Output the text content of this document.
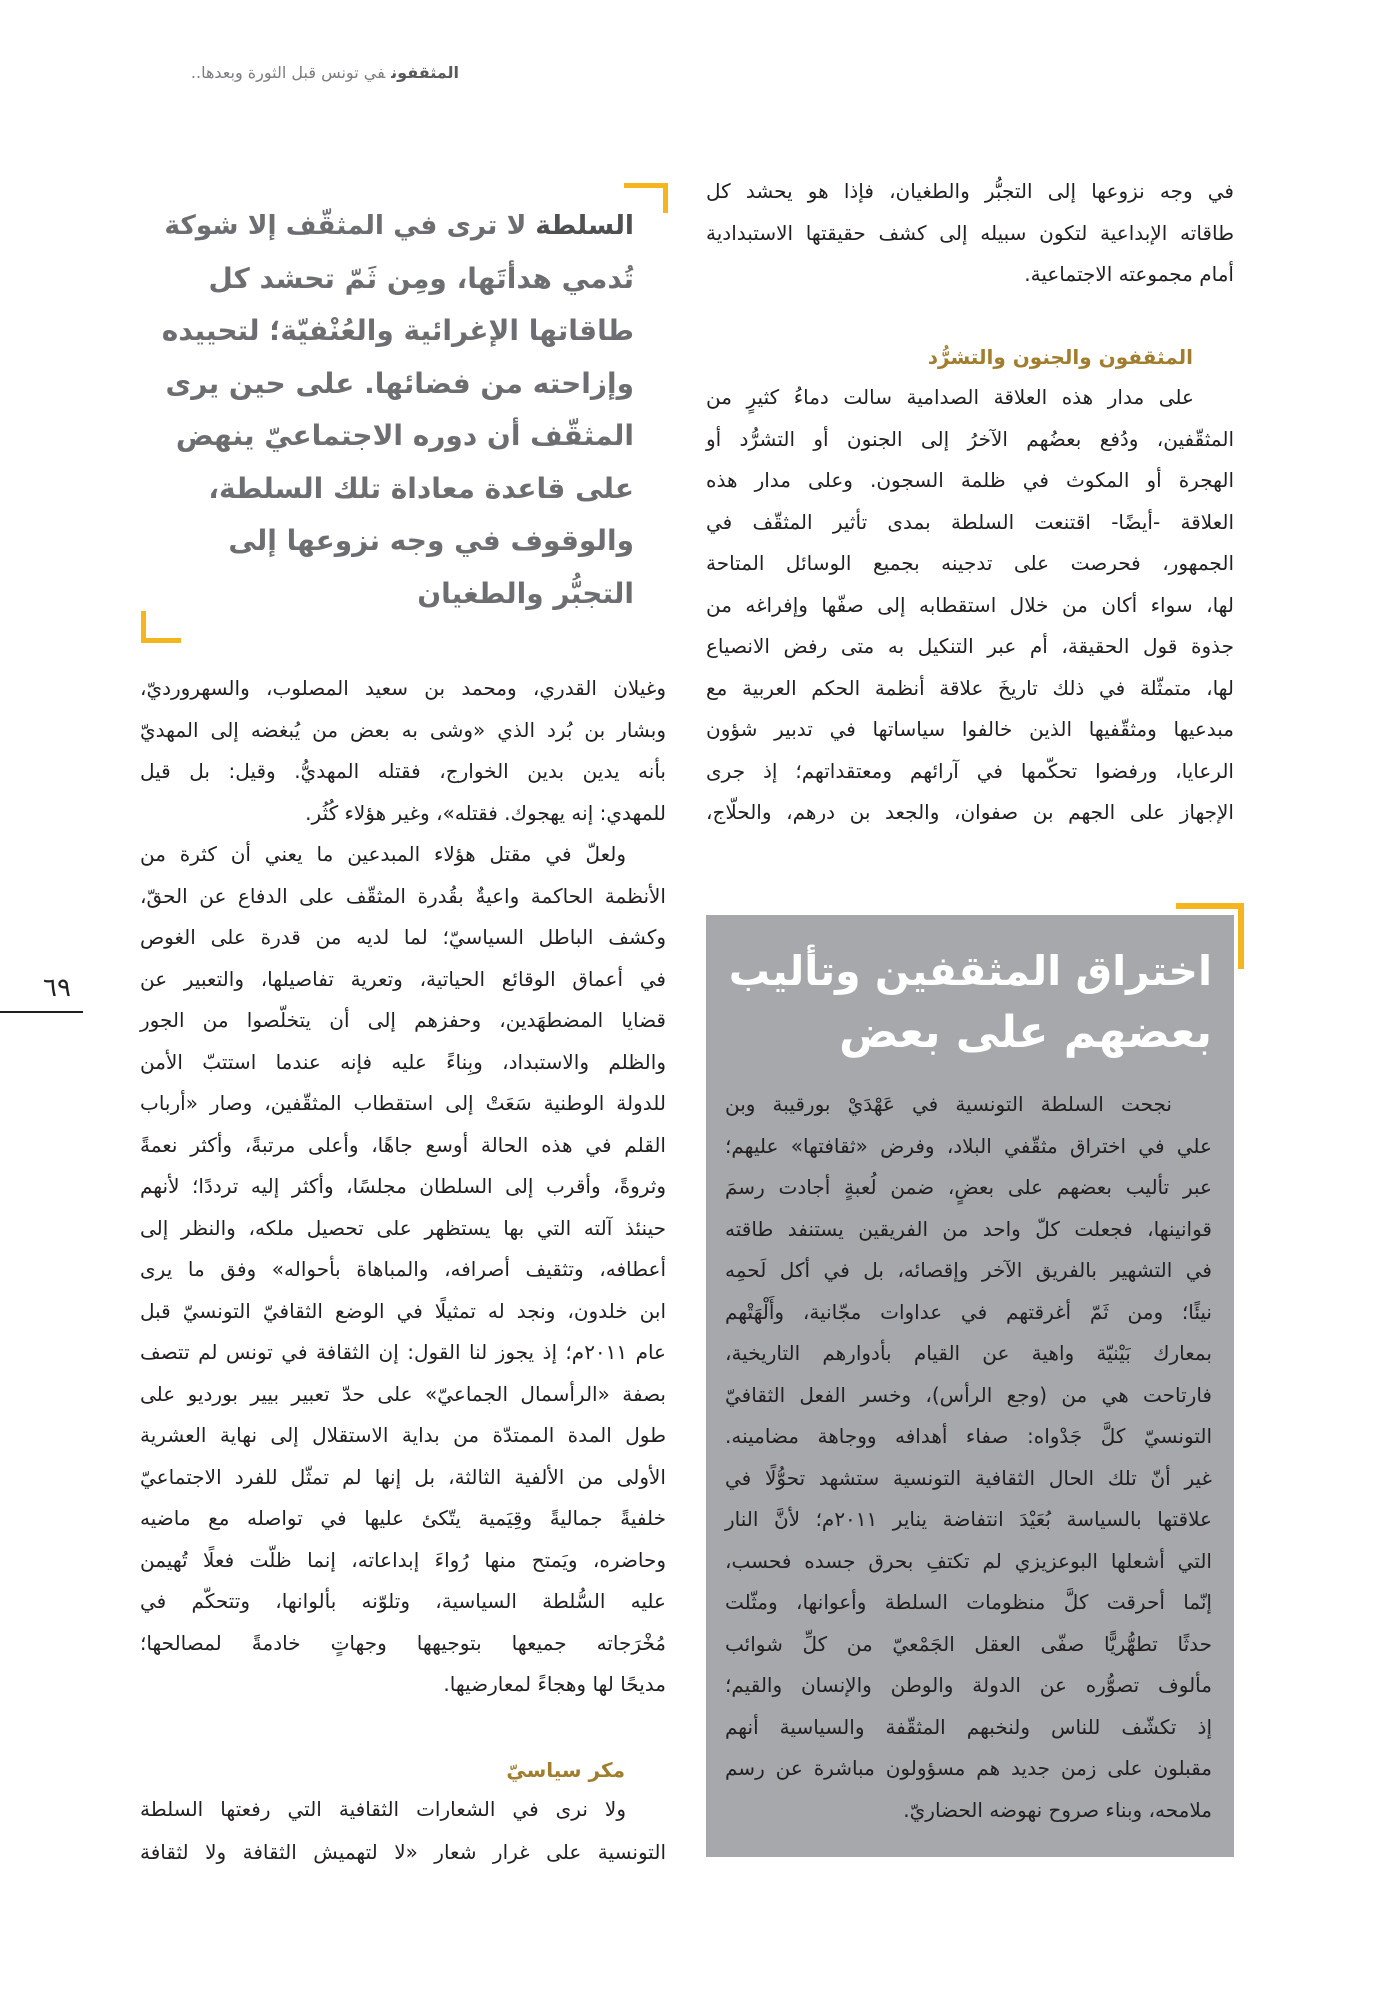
المثقفونفي تونس قبل الثورة وبعدها..
في وجه نزوعها إلى التجبُّر والطغيان، فإذا هو يحشد كل
طاقاته الإبداعية لتكون سبيله إلى كشف حقيقتها الاستبدادية
أمام مجموعته الاجتماعية.
المثقفون والجنون والتشرُّد
على مدار هذه العلاقة الصدامية سالت دماءُ كثيرٍ من
المثقّفين، ودُفع بعضُهم الآخرُ إلى الجنون أو التشرُّد أو
الهجرة أو المكوث في ظلمة السجون. وعلى مدار هذه
العلاقة -أيضًا- اقتنعت السلطة بمدى تأثير المثقّف في
الجمهور، فحرصت على تدجينه بجميع الوسائل المتاحة
لها، سواء أكان من خلال استقطابه إلى صفّها وإفراغه من
جذوة قول الحقيقة، أم عبر التنكيل به متى رفض الانصياع
لها، متمثّلة في ذلك تاريخَ علاقة أنظمة الحكم العربية مع
مبدعيها ومثقّفيها الذين خالفوا سياساتها في تدبير شؤون
الرعايا، ورفضوا تحكّمها في آرائهم ومعتقداتهم؛ إذ جرى
الإجهاز على الجهم بن صفوان، والجعد بن درهم، والحلّاج،
اختراق المثقفين وتأليب
بعضهم على بعض
نجحت السلطة التونسية في عَهْدَيْ بورقيبة وبن
علي في اختراق مثقّفي البلاد، وفرض «ثقافتها» عليهم؛
عبر تأليب بعضهم على بعضٍ، ضمن لُعبةٍ أجادت رسمَ
قوانينها، فجعلت كلّ واحد من الفريقين يستنفد طاقته
في التشهير بالفريق الآخر وإقصائه، بل في أكل لَحمِه
نيئًا؛ ومن ثَمّ أغرقتهم في عداوات مجّانية، وأَلْهَتْهم
بمعارك بَيْنيّة واهية عن القيام بأدوارهم التاريخية،
فارتاحت هي من (وجع الرأس)، وخسر الفعل الثقافيّ
التونسيّ كلَّ جَدْواه: صفاء أهدافه ووجاهة مضامينه.
غير أنّ تلك الحال الثقافية التونسية ستشهد تحوُّلًا في
علاقتها بالسياسة بُعَيْدَ انتفاضة يناير ٢٠١١م؛ لأنَّ النار
التي أشعلها البوعزيزي لم تكتفِ بحرق جسده فحسب،
إنّما أحرقت كلَّ منظومات السلطة وأعوانها، ومثّلت
حدثًا تطهُّريًّا صفّى العقل الجَمْعيّ من كلِّ شوائب
مألوف تصوُّره عن الدولة والوطن والإنسان والقيم؛
إذ تكشّف للناس ولنخبهم المثقّفة والسياسية أنهم
مقبلون على زمن جديد هم مسؤولون مباشرة عن رسم
ملامحه، وبناء صروح نهوضه الحضاريّ.
السلطةلا ترى في المثقّف إلا شوكة
تُدمي هدأتَها، ومِن ثَمّ تحشد كل
طاقاتها الإغرائية والعُنْفيّة؛ لتحييده
وإزاحته من فضائها. على حين يرى
المثقّف أن دوره الاجتماعيّ ينهض
على قاعدة معاداة تلك السلطة،
والوقوف في وجه نزوعها إلى
التجبُّر والطغيان
وغيلان القدري، ومحمد بن سعيد المصلوب، والسهرورديّ،
وبشار بن بُرد الذي «وشى به بعض من يُبغضه إلى المهديّ
بأنه يدين بدين الخوارج، فقتله المهديُّ. وقيل: بل قيل
للمهدي: إنه يهجوك. فقتله»، وغير هؤلاء كُثُر.
ولعلّ في مقتل هؤلاء المبدعين ما يعني أن كثرة من
الأنظمة الحاكمة واعيةٌ بقُدرة المثقّف على الدفاع عن الحقّ،
وكشف الباطل السياسيّ؛ لما لديه من قدرة على الغوص
في أعماق الوقائع الحياتية، وتعرية تفاصيلها، والتعبير عن
قضايا المضطهَدين، وحفزهم إلى أن يتخلّصوا من الجور
والظلم والاستبداد، وبِناءً عليه فإنه عندما استتبّ الأمن
للدولة الوطنية سَعَتْ إلى استقطاب المثقّفين، وصار «أرباب
القلم في هذه الحالة أوسع جاهًا، وأعلى مرتبةً، وأكثر نعمةً
وثروةً، وأقرب إلى السلطان مجلسًا، وأكثر إليه ترددًا؛ لأنهم
حينئذ آلته التي بها يستظهر على تحصيل ملكه، والنظر إلى
أعطافه، وتثقيف أصرافه، والمباهاة بأحواله» وفق ما يرى
ابن خلدون، ونجد له تمثيلًا في الوضع الثقافيّ التونسيّ قبل
عام ٢٠١١م؛ إذ يجوز لنا القول: إن الثقافة في تونس لم تتصف
بصفة «الرأسمال الجماعيّ» على حدّ تعبير بيير بورديو على
طول المدة الممتدّة من بداية الاستقلال إلى نهاية العشرية
الأولى من الألفية الثالثة، بل إنها لم تمثّل للفرد الاجتماعيّ
خلفيةً جماليةً وقِيَمية يتّكئ عليها في تواصله مع ماضيه
وحاضره، ويَمتح منها رُواءَ إبداعاته، إنما ظلّت فعلًا تُهيمن
عليه السُّلطة السياسية، وتلوّنه بألوانها، وتتحكّم في
مُخْرَجاته جميعها بتوجيهها وجهاتٍ خادمةً لمصالحها؛
مديحًا لها وهجاءً لمعارضيها.
مكر سياسيّ
ولا نرى في الشعارات الثقافية التي رفعتها السلطة
التونسية على غرار شعار «لا لتهميش الثقافة ولا لثقافة
٦٩
